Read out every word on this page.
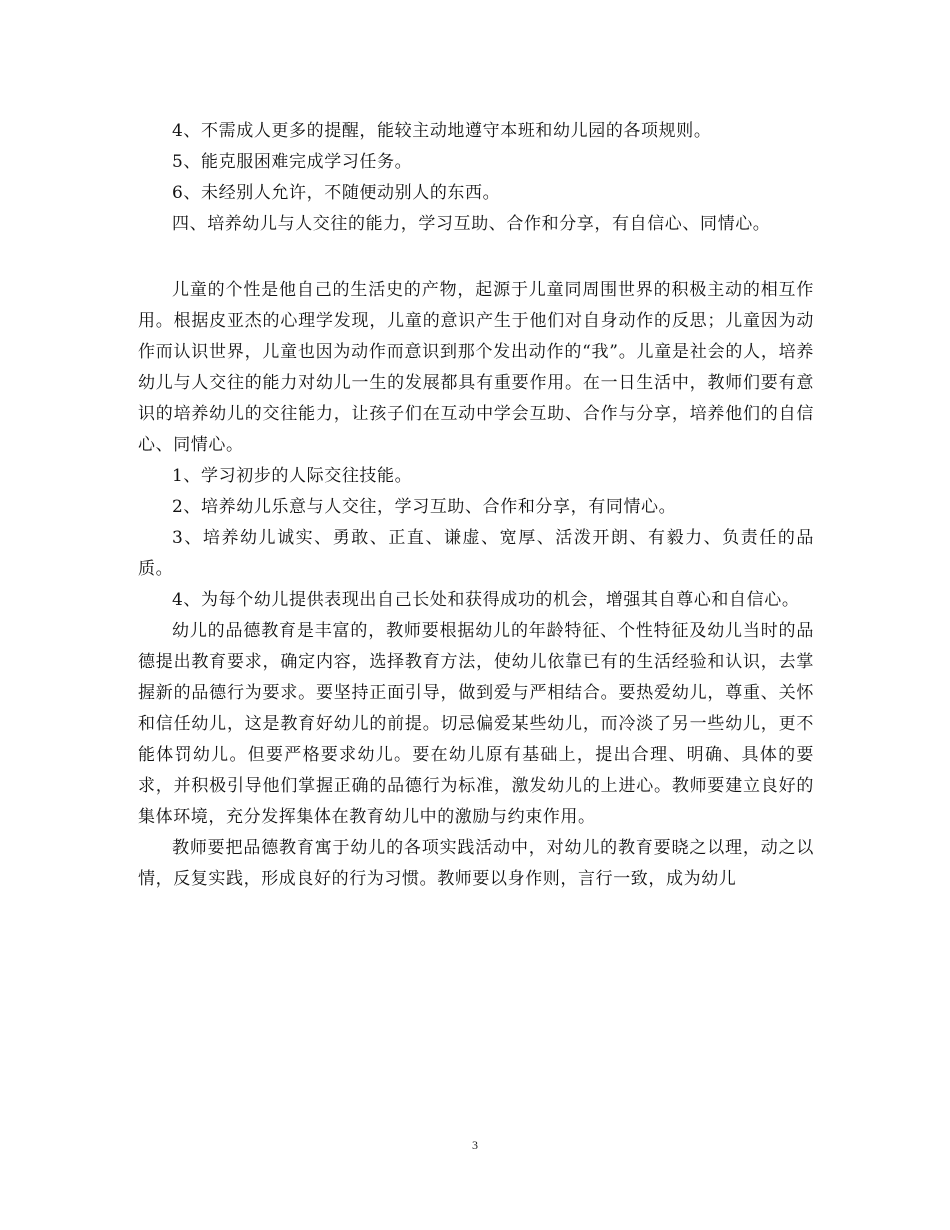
4、不需成人更多的提醒，能较主动地遵守本班和幼儿园的各项规则。

5、能克服困难完成学习任务。

6、未经别人允许，不随便动别人的东西。

四、培养幼儿与人交往的能力，学习互助、合作和分享，有自信心、同情心。

儿童的个性是他自己的生活史的产物，起源于儿童同周围世界的积极主动的相互作用。根据皮亚杰的心理学发现，儿童的意识产生于他们对自身动作的反思；儿童因为动作而认识世界，儿童也因为动作而意识到那个发出动作的“我”。儿童是社会的人，培养幼儿与人交往的能力对幼儿一生的发展都具有重要作用。在一日生活中，教师们要有意识的培养幼儿的交往能力，让孩子们在互动中学会互助、合作与分享，培养他们的自信心、同情心。

1、学习初步的人际交往技能。

2、培养幼儿乐意与人交往，学习互助、合作和分享，有同情心。

3、培养幼儿诚实、勇敢、正直、谦虚、宽厚、活泼开朗、有毅力、负责任的品质。

4、为每个幼儿提供表现出自己长处和获得成功的机会，增强其自尊心和自信心。

幼儿的品德教育是丰富的，教师要根据幼儿的年龄特征、个性特征及幼儿当时的品德提出教育要求，确定内容，选择教育方法，使幼儿依靠已有的生活经验和认识，去掌握新的品德行为要求。要坚持正面引导，做到爱与严相结合。要热爱幼儿，尊重、关怀和信任幼儿，这是教育好幼儿的前提。切忌偏爱某些幼儿，而冷淡了另一些幼儿，更不能体罚幼儿。但要严格要求幼儿。要在幼儿原有基础上，提出合理、明确、具体的要求，并积极引导他们掌握正确的品德行为标准，激发幼儿的上进心。教师要建立良好的集体环境，充分发挥集体在教育幼儿中的激励与约束作用。

教师要把品德教育寓于幼儿的各项实践活动中，对幼儿的教育要晓之以理，动之以情，反复实践，形成良好的行为习惯。教师要以身作则，言行一致，成为幼儿

3
